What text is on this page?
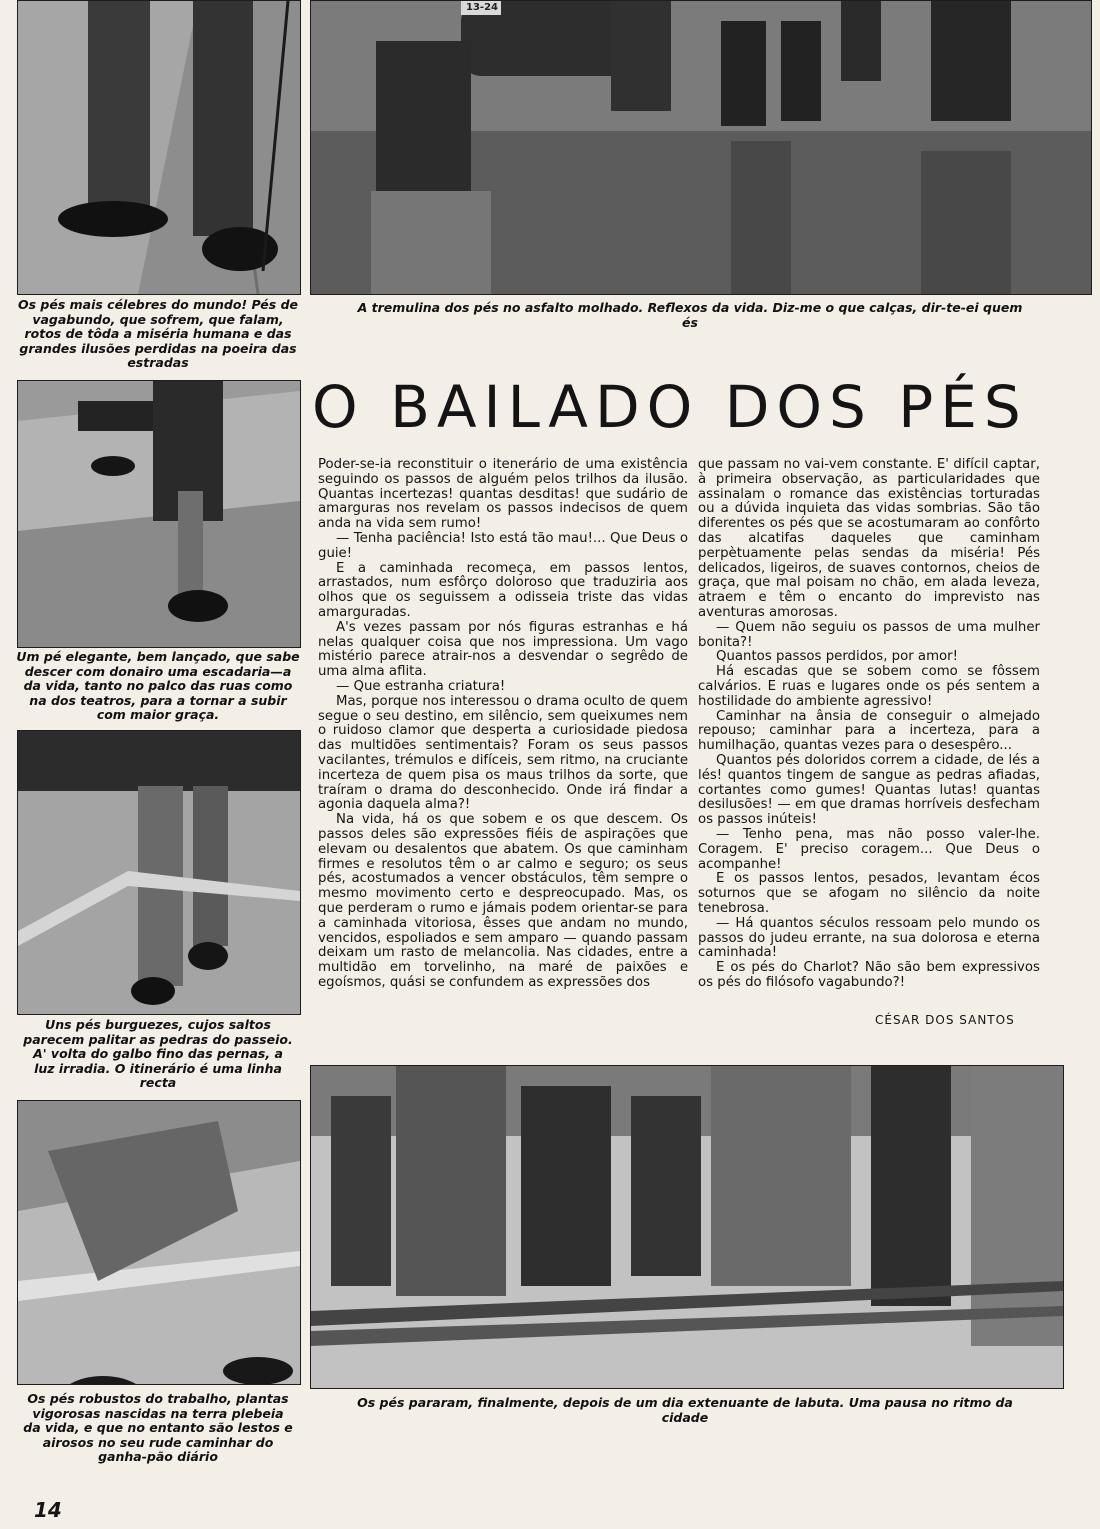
Os pés mais célebres do mundo! Pés de vagabundo, que sofrem, que falam, rotos de tôda a miséria humana e das grandes ilusões perdidas na poeira das estradas
13-24
A tremulina dos pés no asfalto molhado. Reflexos da vida. Diz-me o que calças, dir-te-ei quem és
Um pé elegante, bem lançado, que sabe descer com donairo uma escadaria—a da vida, tanto no palco das ruas como na dos teatros, para a tornar a subir com maior graça.
Uns pés burguezes, cujos saltos parecem palitar as pedras do passeio. A' volta do galbo fino das pernas, a luz irradia. O itinerário é uma linha recta
Os pés robustos do trabalho, plantas vigorosas nascidas na terra plebeia da vida, e que no entanto são lestos e airosos no seu rude caminhar do ganha-pão diário
Os pés pararam, finalmente, depois de um dia extenuante de labuta. Uma pausa no ritmo da cidade
O BAILADO DOS PÉS

Poder-se-ia reconstituir o itenerário de uma existência seguindo os passos de alguém pelos trilhos da ilusão. Quantas incertezas! quantas desditas! que sudário de amarguras nos revelam os passos indecisos de quem anda na vida sem rumo!

— Tenha paciência! Isto está tão mau!... Que Deus o guie!

E a caminhada recomeça, em passos lentos, arrastados, num esfôrço doloroso que traduziria aos olhos que os seguissem a odisseia triste das vidas amarguradas.

A's vezes passam por nós figuras estranhas e há nelas qualquer coisa que nos impressiona. Um vago mistério parece atrair-nos a desvendar o segrêdo de uma alma aflita.

— Que estranha criatura!

Mas, porque nos interessou o drama oculto de quem segue o seu destino, em silêncio, sem queixumes nem o ruidoso clamor que desperta a curiosidade piedosa das multidões sentimentais? Foram os seus passos vacilantes, trémulos e difíceis, sem ritmo, na cruciante incerteza de quem pisa os maus trilhos da sorte, que traíram o drama do desconhecido. Onde irá findar a agonia daquela alma?!

Na vida, há os que sobem e os que descem. Os passos deles são expressões fiéis de aspirações que elevam ou desalentos que abatem. Os que caminham firmes e resolutos têm o ar calmo e seguro; os seus pés, acostumados a vencer obstáculos, têm sempre o mesmo movimento certo e despreocupado. Mas, os que perderam o rumo e jámais podem orientar-se para a caminhada vitoriosa, êsses que andam no mundo, vencidos, espoliados e sem amparo — quando passam deixam um rasto de melancolia. Nas cidades, entre a multidão em torvelinho, na maré de paixões e egoísmos, quási se confundem as expressões dos

que passam no vai-vem constante. E' difícil captar, à primeira observação, as particularidades que assinalam o romance das existências torturadas ou a dúvida inquieta das vidas sombrias. São tão diferentes os pés que se acostumaram ao confôrto das alcatifas daqueles que caminham perpètuamente pelas sendas da miséria! Pés delicados, ligeiros, de suaves contornos, cheios de graça, que mal poisam no chão, em alada leveza, atraem e têm o encanto do imprevisto nas aventuras amorosas.

— Quem não seguiu os passos de uma mulher bonita?!

Quantos passos perdidos, por amor!

Há escadas que se sobem como se fôssem calvários. E ruas e lugares onde os pés sentem a hostilidade do ambiente agressivo!

Caminhar na ânsia de conseguir o almejado repouso; caminhar para a incerteza, para a humilhação, quantas vezes para o desespêro...

Quantos pés doloridos correm a cidade, de lés a lés! quantos tingem de sangue as pedras afiadas, cortantes como gumes! Quantas lutas! quantas desilusões! — em que dramas horríveis desfecham os passos inúteis!

— Tenho pena, mas não posso valer-lhe. Coragem. E' preciso coragem... Que Deus o acompanhe!

E os passos lentos, pesados, levantam écos soturnos que se afogam no silêncio da noite tenebrosa.

— Há quantos séculos ressoam pelo mundo os passos do judeu errante, na sua dolorosa e eterna caminhada!

E os pés do Charlot? Não são bem expressivos os pés do filósofo vagabundo?!

CÉSAR DOS SANTOS
14
